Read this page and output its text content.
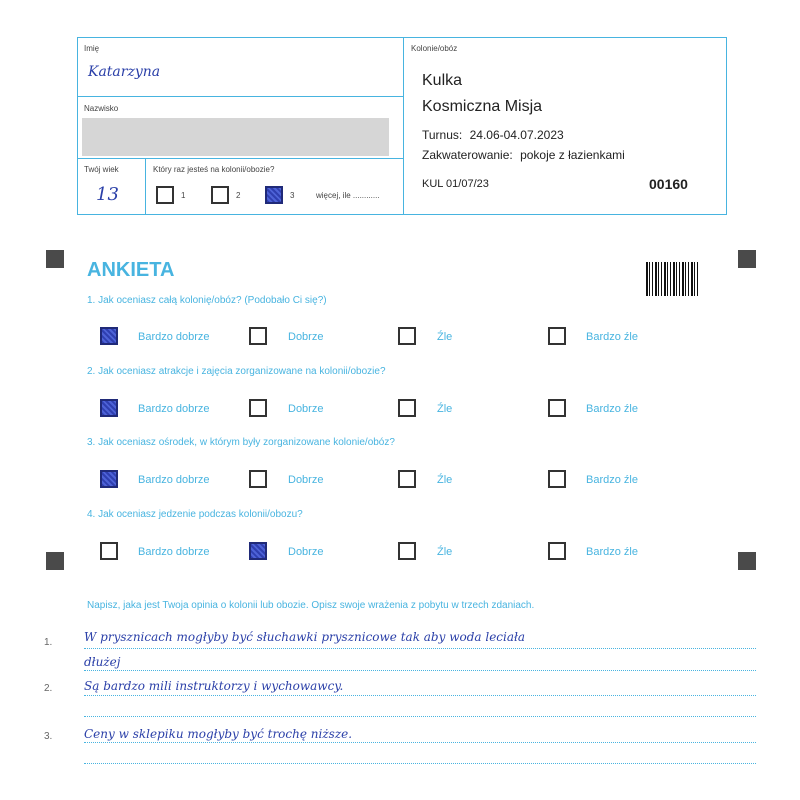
Imię
Katarzyna
Nazwisko
Twój wiek
13
Który raz jesteś na kolonii/obozie?
1	2	3	więcej, ile ............
Kolonie/obóz
Kulka
Kosmiczna Misja
Turnus: 24.06-04.07.2023
Zakwaterowanie: pokoje z łazienkami
KUL 01/07/23	00160
ANKIETA
1. Jak oceniasz całą kolonię/obóz? (Podobało Ci się?)
Bardzo dobrze	Dobrze	Źle	Bardzo źle
2. Jak oceniasz atrakcje i zajęcia zorganizowane na kolonii/obozie?
Bardzo dobrze	Dobrze	Źle	Bardzo źle
3. Jak oceniasz ośrodek, w którym były zorganizowane kolonie/obóz?
Bardzo dobrze	Dobrze	Źle	Bardzo źle
4. Jak oceniasz jedzenie podczas kolonii/obozu?
Bardzo dobrze	Dobrze	Źle	Bardzo źle
Napisz, jaka jest Twoja opinia o kolonii lub obozie. Opisz swoje wrażenia z pobytu w trzech zdaniach.
1.	W prysznicach mogłyby być słuchawki prysznicowe tak aby woda leciała
dłużej
2.	Są bardzo mili instruktorzy i wychowawcy.
3.	Ceny w sklepiku mogłyby być trochę niższe.
